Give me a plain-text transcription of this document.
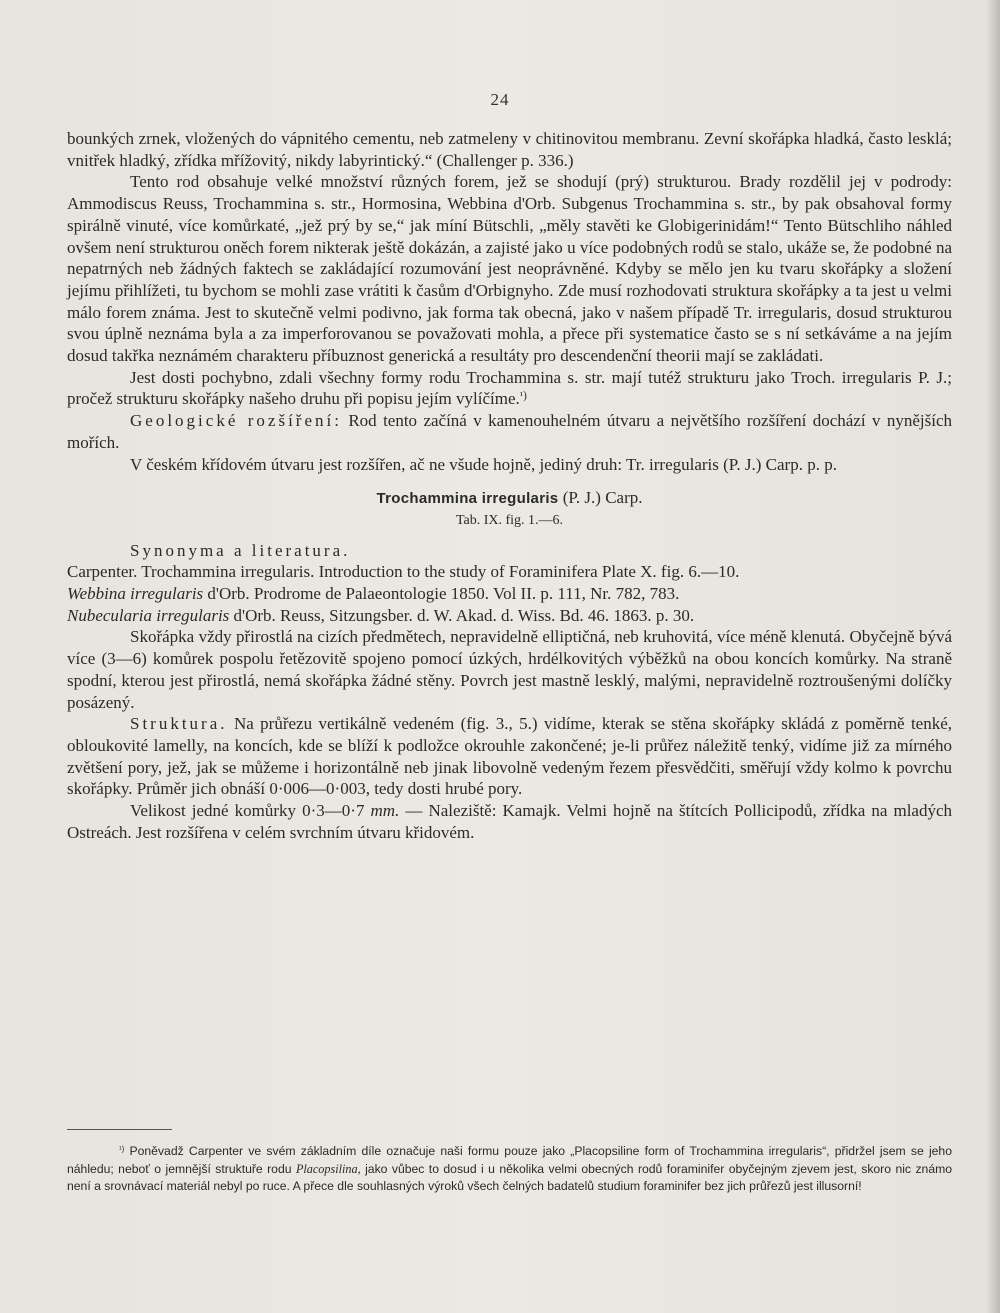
24

bounkých zrnek, vložených do vápnitého cementu, neb zatmeleny v chitinovitou membranu. Zevní skořápka hladká, často lesklá; vnitřek hladký, zřídka mřížovitý, nikdy labyrintický.“ (Challenger p. 336.)

Tento rod obsahuje velké množství různých forem, jež se shodují (prý) strukturou. Brady rozdělil jej v podrody: Ammodiscus Reuss, Trochammina s. str., Hormosina, Webbina d'Orb. Subgenus Trochammina s. str., by pak obsahoval formy spirálně vinuté, více komůrkaté, „jež prý by se,“ jak míní Bütschli, „měly stavěti ke Globigerinidám!“ Tento Bütschliho náhled ovšem není strukturou oněch forem nikterak ještě dokázán, a zajisté jako u více podobných rodů se stalo, ukáže se, že podobné na nepatrných neb žádných faktech se zakládající rozumování jest neoprávněné. Kdyby se mělo jen ku tvaru skořápky a složení jejímu přihlížeti, tu bychom se mohli zase vrátiti k časům d'Orbignyho. Zde musí rozhodovati struktura skořápky a ta jest u velmi málo forem známa. Jest to skutečně velmi podivno, jak forma tak obecná, jako v našem případě Tr. irregularis, dosud strukturou svou úplně neznáma byla a za imperforovanou se považovati mohla, a přece při systematice často se s ní setkáváme a na jejím dosud takřka neznámém charakteru příbuznost generická a resultáty pro descendenční theorii mají se zakládati.

Jest dosti pochybno, zdali všechny formy rodu Trochammina s. str. mají tutéž strukturu jako Troch. irregularis P. J.; pročež strukturu skořápky našeho druhu při popisu jejím vylíčíme.$^{^1)}$

Geologické rozšíření: Rod tento začíná v kamenouhelném útvaru a největšího rozšíření dochází v nynějších mořích.

V českém křídovém útvaru jest rozšířen, ač ne všude hojně, jediný druh: Tr. irregularis (P. J.) Carp. p. p.

Trochammina irregularis (P. J.) Carp.

Tab. IX. fig. 1.—6.

Synonyma a literatura.

Carpenter. Trochammina irregularis. Introduction to the study of Foraminifera Plate X. fig. 6.—10.

Webbina irregularis d'Orb. Prodrome de Palaeontologie 1850. Vol II. p. 111, Nr. 782, 783.

Nubecularia irregularis d'Orb. Reuss, Sitzungsber. d. W. Akad. d. Wiss. Bd. 46. 1863. p. 30.

Skořápka vždy přirostlá na cizích předmětech, nepravidelně elliptičná, neb kruhovitá, více méně klenutá. Obyčejně bývá více (3—6) komůrek pospolu řetězovitě spojeno pomocí úzkých, hrdélkovitých výběžků na obou koncích komůrky. Na straně spodní, kterou jest přirostlá, nemá skořápka žádné stěny. Povrch jest mastně lesklý, malými, nepravidelně roztroušenými dolíčky posázený.

Struktura. Na průřezu vertikálně vedeném (fig. 3., 5.) vidíme, kterak se stěna skořápky skládá z poměrně tenké, obloukovité lamelly, na koncích, kde se blíží k podložce okrouhle zakončené; je-li průřez náležitě tenký, vidíme již za mírného zvětšení pory, jež, jak se můžeme i horizontálně neb jinak libovolně vedeným řezem přesvědčiti, směřují vždy kolmo k povrchu skořápky. Průměr jich obnáší 0·006—0·003, tedy dosti hrubé pory.

Velikost jedné komůrky 0·3—0·7 mm. — Naleziště: Kamajk. Velmi hojně na štítcích Pollicipodů, zřídka na mladých Ostreách. Jest rozšířena v celém svrchním útvaru křidovém.

$^{^1)}$ Poněvadž Carpenter ve svém základním díle označuje naši formu pouze jako „Placopsiline form of Trochammina irregularis“, přidržel jsem se jeho náhledu; neboť o jemnější struktuře rodu Placopsilina, jako vůbec to dosud i u několika velmi obecných rodů foraminifer obyčejným zjevem jest, skoro nic známo není a srovnávací materiál nebyl po ruce. A přece dle souhlasných výroků všech čelných badatelů studium foraminifer bez jich průřezů jest illusorní!
